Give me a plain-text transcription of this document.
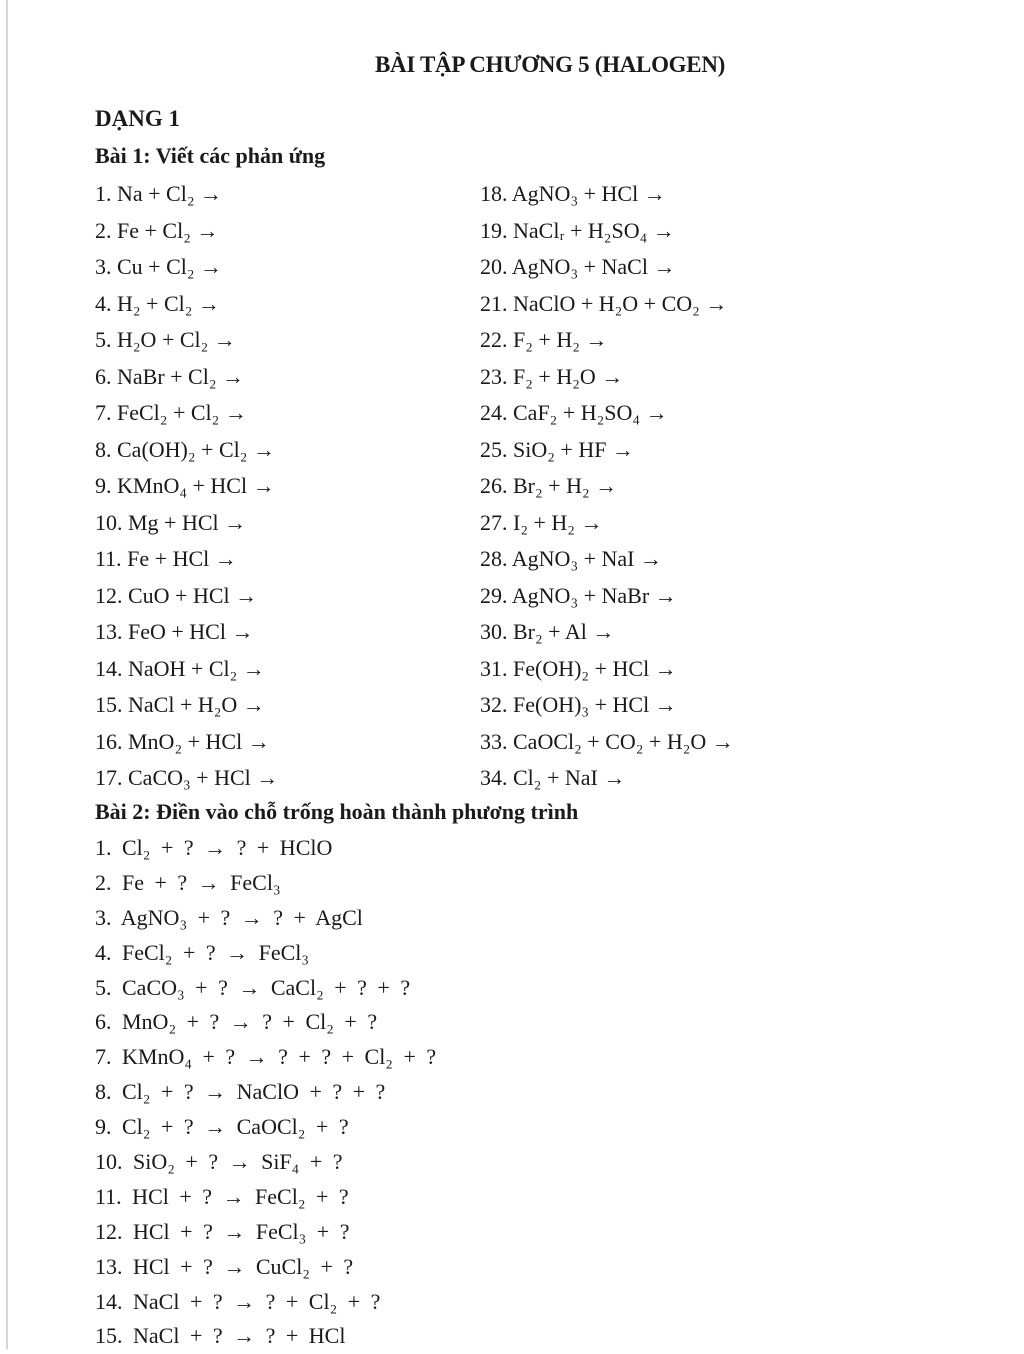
BÀI TẬP CHƯƠNG 5 (HALOGEN)
DẠNG 1
Bài 1: Viết các phản ứng
1. Na + Cl₂ →
2. Fe + Cl₂ →
3. Cu + Cl₂ →
4. H₂ + Cl₂ →
5. H₂O + Cl₂ →
6. NaBr + Cl₂ →
7. FeCl₂ + Cl₂ →
8. Ca(OH)₂ + Cl₂ →
9. KMnO₄ + HCl →
10. Mg + HCl →
11. Fe + HCl →
12. CuO + HCl →
13. FeO + HCl →
14. NaOH + Cl₂ →
15. NaCl + H₂O →
16. MnO₂ + HCl →
17. CaCO₃ + HCl →
18. AgNO₃ + HCl →
19. NaClᵣ + H₂SO₄ →
20. AgNO₃ + NaCl →
21. NaClO + H₂O + CO₂ →
22. F₂ + H₂ →
23. F₂ + H₂O →
24. CaF₂ + H₂SO₄ →
25. SiO₂ + HF →
26. Br₂ + H₂ →
27. I₂ + H₂ →
28. AgNO₃ + NaI →
29. AgNO₃ + NaBr →
30. Br₂ + Al →
31. Fe(OH)₂ + HCl →
32. Fe(OH)₃ + HCl →
33. CaOCl₂ + CO₂ + H₂O →
34. Cl₂ + NaI →
Bài 2: Điền vào chỗ trống hoàn thành phương trình
1. Cl₂ + ? → ? + HClO
2. Fe + ? → FeCl₃
3. AgNO₃ + ? → ? + AgCl
4. FeCl₂ + ? → FeCl₃
5. CaCO₃ + ? → CaCl₂ + ? + ?
6. MnO₂ + ? → ? + Cl₂ + ?
7. KMnO₄ + ? → ? + ? + Cl₂ + ?
8. Cl₂ + ? → NaClO + ? + ?
9. Cl₂ + ? → CaOCl₂ + ?
10. SiO₂ + ? → SiF₄ + ?
11. HCl + ? → FeCl₂ + ?
12. HCl + ? → FeCl₃ + ?
13. HCl + ? → CuCl₂ + ?
14. NaCl + ? → ? + Cl₂ + ?
15. NaCl + ? → ? + HCl
